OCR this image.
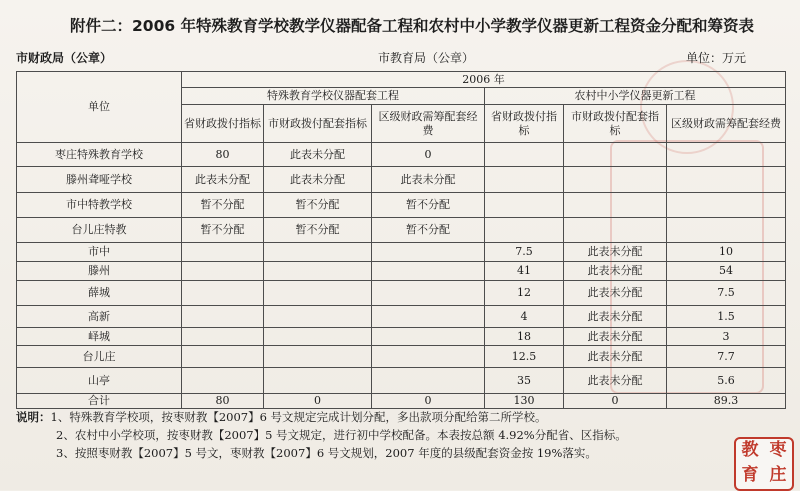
附件二：2006 年特殊教育学校教学仪器配备工程和农村中小学教学仪器更新工程资金分配和筹资表
市财政局（公章）	市教育局（公章）	单位：万元
单位	2006 年					
	特殊教育学校仪器配套工程			农村中小学仪器更新工程		
	省财政拨付指标	市财政拨付配套指标	区级财政需筹配套经费	省财政拨付指标	市财政拨付配套指标	区级财政需筹配套经费
枣庄特殊教育学校	80	此表未分配	0			
滕州聋哑学校	此表未分配	此表未分配	此表未分配			
市中特教学校	暂不分配	暂不分配	暂不分配			
台儿庄特教	暂不分配	暂不分配	暂不分配			
市中				7.5	此表未分配	10
滕州				41	此表未分配	54
薛城				12	此表未分配	7.5
高新				4	此表未分配	1.5
峄城				18	此表未分配	3
台儿庄				12.5	此表未分配	7.7
山亭				35	此表未分配	5.6
合计	80	0	0	130	0	89.3
说明：1、特殊教育学校项，按枣财教【2007】6 号文规定完成计划分配，多出款项分配给第二所学校。
2、农村中小学校项，按枣财教【2007】5 号文规定，进行初中学校配备。本表按总额 4.92%分配省、区指标。
3、按照枣财教【2007】5 号文，枣财教【2007】6 号文规划，2007 年度的县级配套资金按 19%落实。	教 枣
育 庄
